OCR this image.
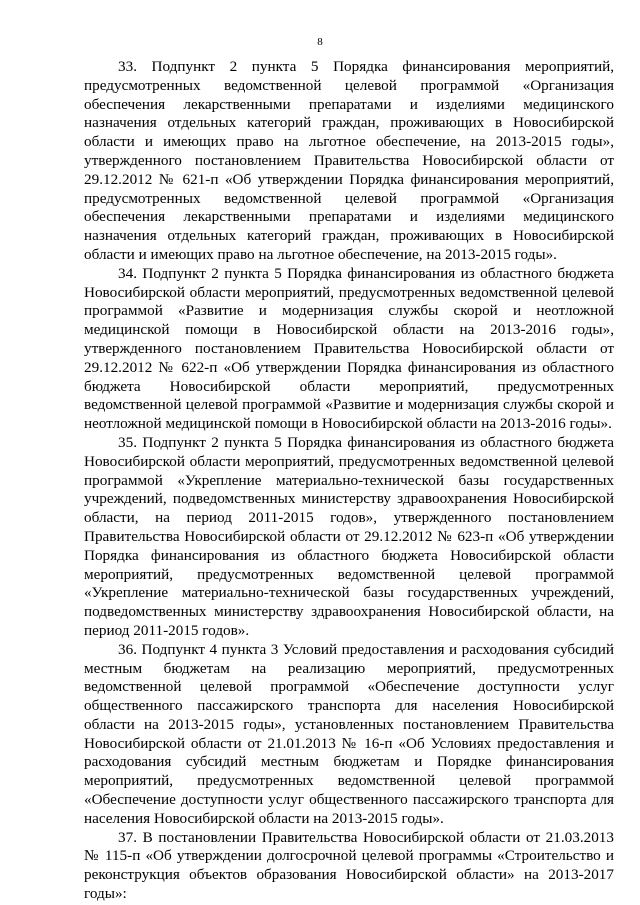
8

33. Подпункт 2 пункта 5 Порядка финансирования мероприятий, предусмотренных ведомственной целевой программой «Организация обеспечения лекарственными препаратами и изделиями медицинского назначения отдельных категорий граждан, проживающих в Новосибирской области и имеющих право на льготное обеспечение, на 2013-2015 годы», утвержденного постановлением Правительства Новосибирской области от 29.12.2012 № 621-п «Об утверждении Порядка финансирования мероприятий, предусмотренных ведомственной целевой программой «Организация обеспечения лекарственными препаратами и изделиями медицинского назначения отдельных категорий граждан, проживающих в Новосибирской области и имеющих право на льготное обеспечение, на 2013-2015 годы».

34. Подпункт 2 пункта 5 Порядка финансирования из областного бюджета Новосибирской области мероприятий, предусмотренных ведомственной целевой программой «Развитие и модернизация службы скорой и неотложной медицинской помощи в Новосибирской области на 2013-2016 годы», утвержденного постановлением Правительства Новосибирской области от 29.12.2012 № 622-п «Об утверждении Порядка финансирования из областного бюджета Новосибирской области мероприятий, предусмотренных ведомственной целевой программой «Развитие и модернизация службы скорой и неотложной медицинской помощи в Новосибирской области на 2013-2016 годы».

35. Подпункт 2 пункта 5 Порядка финансирования из областного бюджета Новосибирской области мероприятий, предусмотренных ведомственной целевой программой «Укрепление материально-технической базы государственных учреждений, подведомственных министерству здравоохранения Новосибирской области, на период 2011-2015 годов», утвержденного постановлением Правительства Новосибирской области от 29.12.2012 № 623-п «Об утверждении Порядка финансирования из областного бюджета Новосибирской области мероприятий, предусмотренных ведомственной целевой программой «Укрепление материально-технической базы государственных учреждений, подведомственных министерству здравоохранения Новосибирской области, на период 2011-2015 годов».

36. Подпункт 4 пункта 3 Условий предоставления и расходования субсидий местным бюджетам на реализацию мероприятий, предусмотренных ведомственной целевой программой «Обеспечение доступности услуг общественного пассажирского транспорта для населения Новосибирской области на 2013-2015 годы», установленных постановлением Правительства Новосибирской области от 21.01.2013 № 16-п «Об Условиях предоставления и расходования субсидий местным бюджетам и Порядке финансирования мероприятий, предусмотренных ведомственной целевой программой «Обеспечение доступности услуг общественного пассажирского транспорта для населения Новосибирской области на 2013-2015 годы».

37. В постановлении Правительства Новосибирской области от 21.03.2013 № 115-п «Об утверждении долгосрочной целевой программы «Строительство и реконструкция объектов образования Новосибирской области» на 2013-2017 годы»:
